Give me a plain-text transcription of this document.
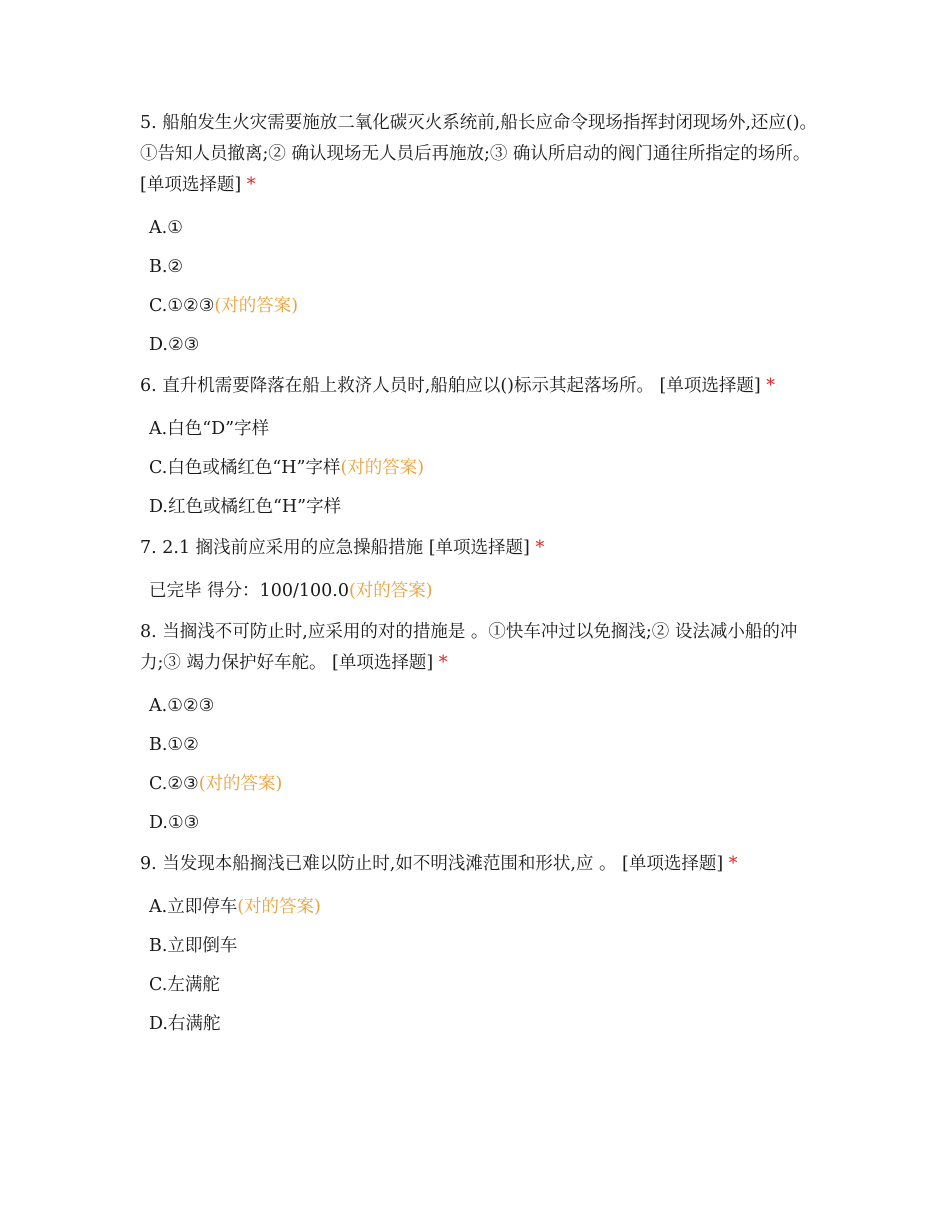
5. 船舶发生火灾需要施放二氧化碳灭火系统前,船长应命令现场指挥封闭现场外,还应()。①告知人员撤离;② 确认现场无人员后再施放;③ 确认所启动的阀门通往所指定的场所。 [单项选择题] *

A.①
B.②
C.①②③(对的答案)
D.②③

6. 直升机需要降落在船上救济人员时,船舶应以()标示其起落场所。 [单项选择题] *

A.白色“D”字样
C.白色或橘红色“H”字样(对的答案)
D.红色或橘红色“H”字样

7. 2.1 搁浅前应采用的应急操船措施 [单项选择题] *

已完毕 得分：100/100.0(对的答案)

8. 当搁浅不可防止时,应采用的对的措施是 。①快车冲过以免搁浅;② 设法减小船的冲力;③ 竭力保护好车舵。 [单项选择题] *

A.①②③
B.①②
C.②③(对的答案)
D.①③

9. 当发现本船搁浅已难以防止时,如不明浅滩范围和形状,应 。 [单项选择题] *

A.立即停车(对的答案)
B.立即倒车
C.左满舵
D.右满舵
